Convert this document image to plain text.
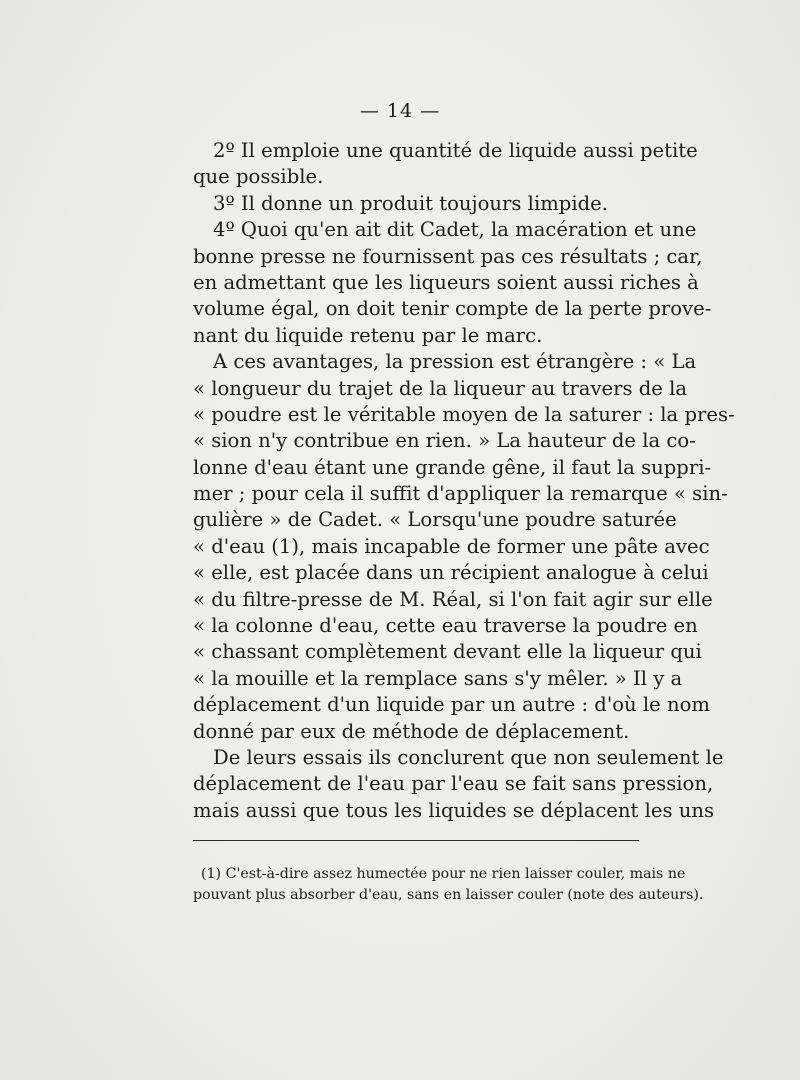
— 14 —
2º Il emploie une quantité de liquide aussi petite
que possible.
3º Il donne un produit toujours limpide.
4º Quoi qu'en ait dit Cadet, la macération et une
bonne presse ne fournissent pas ces résultats ; car,
en admettant que les liqueurs soient aussi riches à
volume égal, on doit tenir compte de la perte prove-
nant du liquide retenu par le marc.
A ces avantages, la pression est étrangère : « La
« longueur du trajet de la liqueur au travers de la
« poudre est le véritable moyen de la saturer : la pres-
« sion n'y contribue en rien. » La hauteur de la co-
lonne d'eau étant une grande gêne, il faut la suppri-
mer ; pour cela il suffit d'appliquer la remarque « sin-
gulière » de Cadet. « Lorsqu'une poudre saturée
« d'eau (1), mais incapable de former une pâte avec
« elle, est placée dans un récipient analogue à celui
« du filtre-presse de M. Réal, si l'on fait agir sur elle
« la colonne d'eau, cette eau traverse la poudre en
« chassant complètement devant elle la liqueur qui
« la mouille et la remplace sans s'y mêler. » Il y a
déplacement d'un liquide par un autre : d'où le nom
donné par eux de méthode de déplacement.
De leurs essais ils conclurent que non seulement le
déplacement de l'eau par l'eau se fait sans pression,
mais aussi que tous les liquides se déplacent les uns
(1) C'est-à-dire assez humectée pour ne rien laisser couler, mais ne
pouvant plus absorber d'eau, sans en laisser couler (note des auteurs).
